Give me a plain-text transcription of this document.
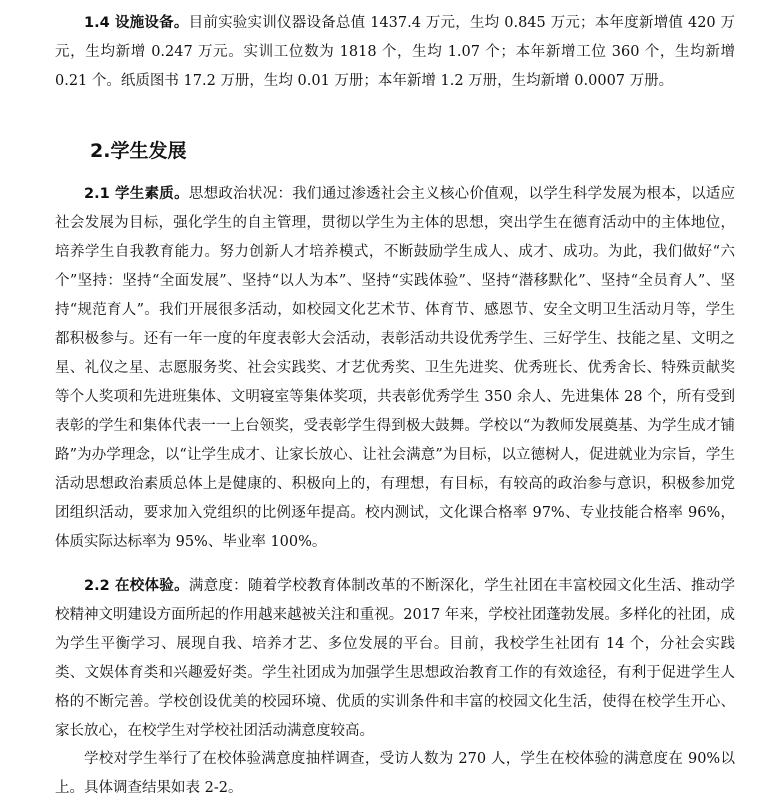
1.4 设施设备。目前实验实训仪器设备总值 1437.4 万元，生均 0.845 万元；本年度新增值 420 万元，生均新增 0.247 万元。实训工位数为 1818 个，生均 1.07 个；本年新增工位 360 个，生均新增 0.21 个。纸质图书 17.2 万册，生均 0.01 万册；本年新增 1.2 万册，生均新增 0.0007 万册。

2.学生发展

2.1 学生素质。思想政治状况：我们通过渗透社会主义核心价值观，以学生科学发展为根本，以适应社会发展为目标，强化学生的自主管理，贯彻以学生为主体的思想，突出学生在德育活动中的主体地位，培养学生自我教育能力。努力创新人才培养模式，不断鼓励学生成人、成才、成功。为此，我们做好“六个”坚持：坚持“全面发展”、坚持“以人为本”、坚持“实践体验”、坚持“潜移默化”、坚持“全员育人”、坚持“规范育人”。我们开展很多活动，如校园文化艺术节、体育节、感恩节、安全文明卫生活动月等，学生都积极参与。还有一年一度的年度表彰大会活动，表彰活动共设优秀学生、三好学生、技能之星、文明之星、礼仪之星、志愿服务奖、社会实践奖、才艺优秀奖、卫生先进奖、优秀班长、优秀舍长、特殊贡献奖等个人奖项和先进班集体、文明寝室等集体奖项，共表彰优秀学生 350 余人、先进集体 28 个，所有受到表彰的学生和集体代表一一上台领奖，受表彰学生得到极大鼓舞。学校以“为教师发展奠基、为学生成才铺路”为办学理念，以“让学生成才、让家长放心、让社会满意”为目标，以立德树人，促进就业为宗旨，学生活动思想政治素质总体上是健康的、积极向上的，有理想，有目标，有较高的政治参与意识，积极参加党团组织活动，要求加入党组织的比例逐年提高。校内测试，文化课合格率 97%、专业技能合格率 96%，体质实际达标率为 95%、毕业率 100%。

2.2 在校体验。满意度：随着学校教育体制改革的不断深化，学生社团在丰富校园文化生活、推动学校精神文明建设方面所起的作用越来越被关注和重视。2017 年来，学校社团蓬勃发展。多样化的社团，成为学生平衡学习、展现自我、培养才艺、多位发展的平台。目前，我校学生社团有 14 个，分社会实践类、文娱体育类和兴趣爱好类。学生社团成为加强学生思想政治教育工作的有效途径，有利于促进学生人格的不断完善。学校创设优美的校园环境、优质的实训条件和丰富的校园文化生活，使得在校学生开心、家长放心，在校学生对学校社团活动满意度较高。

学校对学生举行了在校体验满意度抽样调查，受访人数为 270 人，学生在校体验的满意度在 90%以上。具体调查结果如表 2-2。
